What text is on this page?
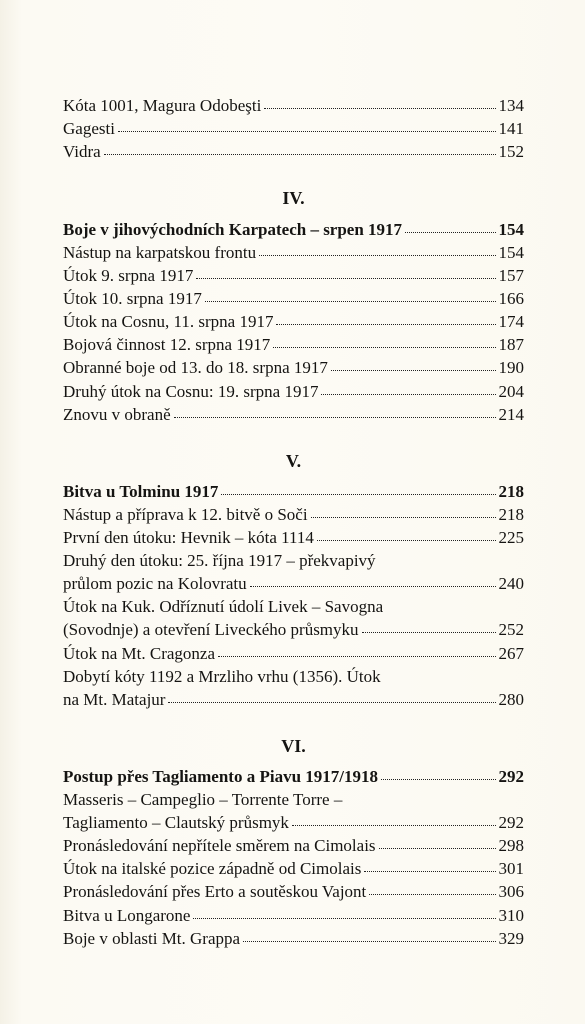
Kóta 1001, Magura Odobeşti	134
Gagesti	141
Vidra	152
IV.
Boje v jihovýchodních Karpatech – srpen 1917	154
Nástup na karpatskou frontu	154
Útok 9. srpna 1917	157
Útok 10. srpna 1917	166
Útok na Cosnu, 11. srpna 1917	174
Bojová činnost 12. srpna 1917	187
Obranné boje od 13. do 18. srpna 1917	190
Druhý útok na Cosnu: 19. srpna 1917	204
Znovu v obraně	214
V.
Bitva u Tolminu 1917	218
Nástup a příprava k 12. bitvě o Soči	218
První den útoku: Hevnik – kóta 1114	225
Druhý den útoku: 25. října 1917 – překvapivý
průlom pozic na Kolovratu	240
Útok na Kuk. Odříznutí údolí Livek – Savogna
(Sovodnje) a otevření Liveckého průsmyku	252
Útok na Mt. Cragonza	267
Dobytí kóty 1192 a Mrzliho vrhu (1356). Útok
na Mt. Matajur	280
VI.
Postup přes Tagliamento a Piavu 1917/1918	292
Masseris – Campeglio – Torrente Torre –
Tagliamento – Clautský průsmyk	292
Pronásledování nepřítele směrem na Cimolais	298
Útok na italské pozice západně od Cimolais	301
Pronásledování přes Erto a soutěskou Vajont	306
Bitva u Longarone	310
Boje v oblasti Mt. Grappa	329
